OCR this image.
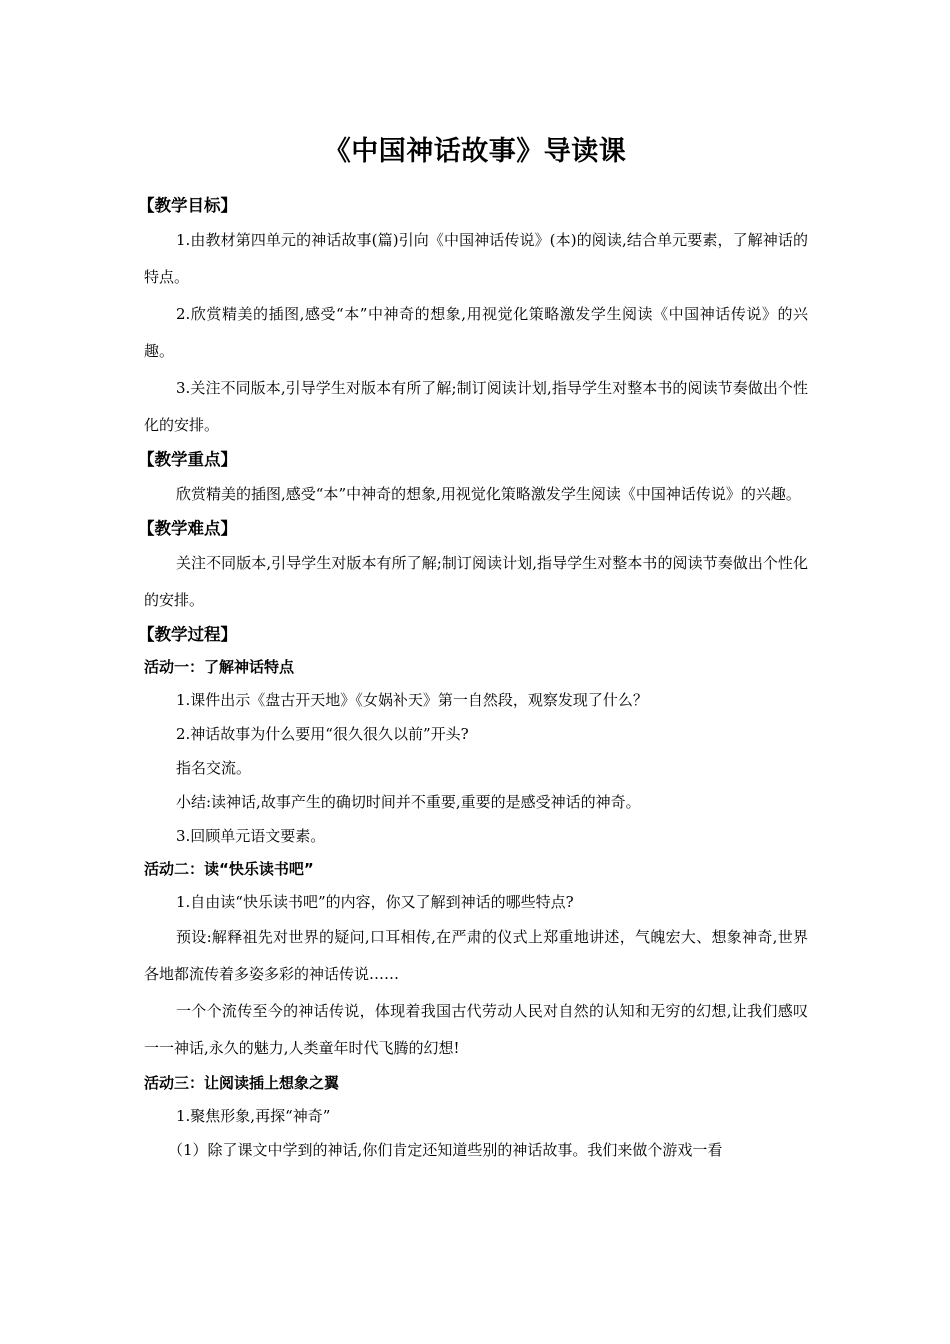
《中国神话故事》导读课
【教学目标】

1.由教材第四单元的神话故事(篇)引向《中国神话传说》(本)的阅读,结合单元要素，了解神话的特点。

2.欣赏精美的插图,感受“本”中神奇的想象,用视觉化策略激发学生阅读《中国神话传说》的兴趣。

3.关注不同版本,引导学生对版本有所了解;制订阅读计划,指导学生对整本书的阅读节奏做出个性化的安排。

【教学重点】

欣赏精美的插图,感受“本”中神奇的想象,用视觉化策略激发学生阅读《中国神话传说》的兴趣。

【教学难点】

关注不同版本,引导学生对版本有所了解;制订阅读计划,指导学生对整本书的阅读节奏做出个性化的安排。

【教学过程】
活动一：了解神话特点

1.课件出示《盘古开天地》《女娲补天》第一自然段，观察发现了什么？

2.神话故事为什么要用“很久很久以前”开头?

指名交流。

小结:读神话,故事产生的确切时间并不重要,重要的是感受神话的神奇。

3.回顾单元语文要素。

活动二：读“快乐读书吧”

1.自由读“快乐读书吧”的内容，你又了解到神话的哪些特点?

预设:解释祖先对世界的疑问,口耳相传,在严肃的仪式上郑重地讲述，气魄宏大、想象神奇,世界各地都流传着多姿多彩的神话传说……

一个个流传至今的神话传说，体现着我国古代劳动人民对自然的认知和无穷的幻想,让我们感叹一一神话,永久的魅力,人类童年时代飞腾的幻想!

活动三：让阅读插上想象之翼

1.聚焦形象,再探“神奇”

（1）除了课文中学到的神话,你们肯定还知道些别的神话故事。我们来做个游戏一看
